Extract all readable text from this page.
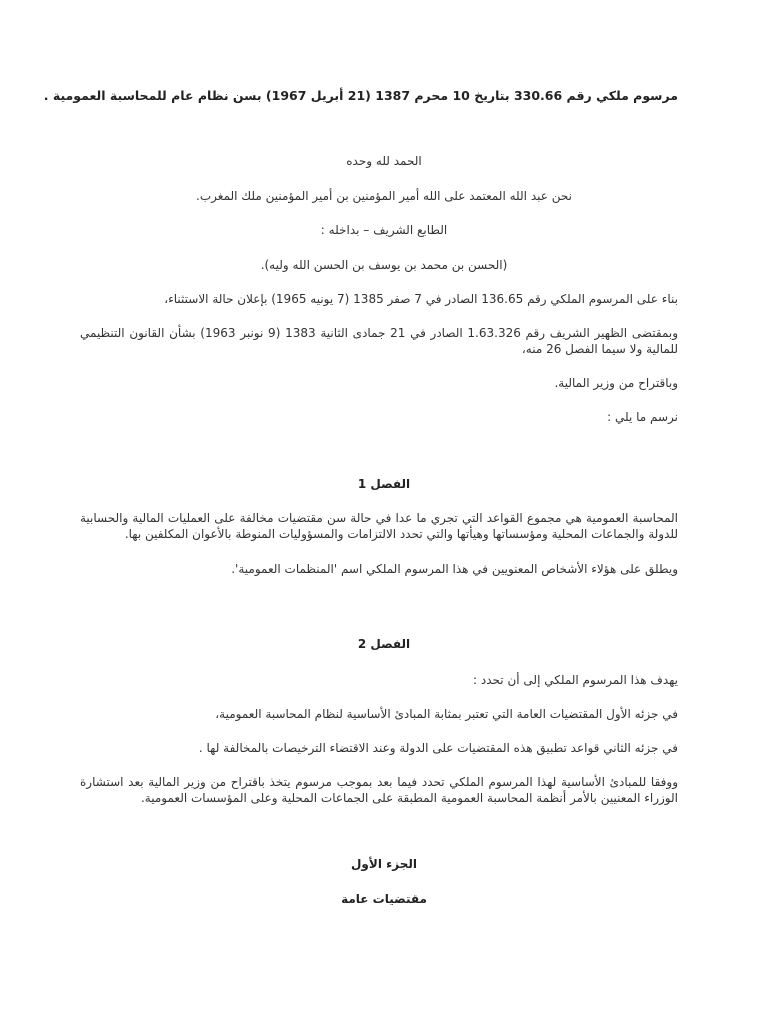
مرسوم ملكي رقم 330.66 بتاريخ 10 محرم 1387 (21 أبريل 1967) بسن نظام عام للمحاسبة العمومية .
الحمد لله وحده
نحن عبد الله المعتمد على الله أمير المؤمنين بن أمير المؤمنين ملك المغرب.
الطابع الشريف – بداخله :
(الحسن بن محمد بن يوسف بن الحسن الله وليه).
بناء على المرسوم الملكي رقم 136.65 الصادر في 7 صفر 1385 (7 يونيه 1965) بإعلان حالة الاستثناء،
وبمقتضى الظهير الشريف رقم 1.63.326 الصادر في 21 جمادى الثانية 1383 (9 نونبر 1963) بشأن القانون التنظيمي للمالية ولا سيما الفصل 26 منه،
وباقتراح من وزير المالية.
نرسم ما يلي :
الفصل 1
المحاسبة العمومية هي مجموع القواعد التي تجري ما عدا في حالة سن مقتضيات مخالفة على العمليات المالية والحسابية للدولة والجماعات المحلية ومؤسساتها وهيأتها والتي تحدد الالتزامات والمسؤوليات المنوطة بالأعوان المكلفين بها.
ويطلق على هؤلاء الأشخاص المعنويين في هذا المرسوم الملكي اسم 'المنظمات العمومية'.
الفصل 2
يهدف هذا المرسوم الملكي إلى أن تحدد :
في جزئه الأول المقتضيات العامة التي تعتبر بمثابة المبادئ الأساسية لنظام المحاسبة العمومية،
في جزئه الثاني قواعد تطبيق هذه المقتضيات على الدولة وعند الاقتضاء الترخيصات بالمخالفة لها .
ووفقا للمبادئ الأساسية لهذا المرسوم الملكي تحدد فيما بعد بموجب مرسوم يتخذ باقتراح من وزير المالية بعد استشارة الوزراء المعنيين بالأمر أنظمة المحاسبة العمومية المطبقة على الجماعات المحلية وعلى المؤسسات العمومية.
الجزء الأول
مقتضيات عامة
